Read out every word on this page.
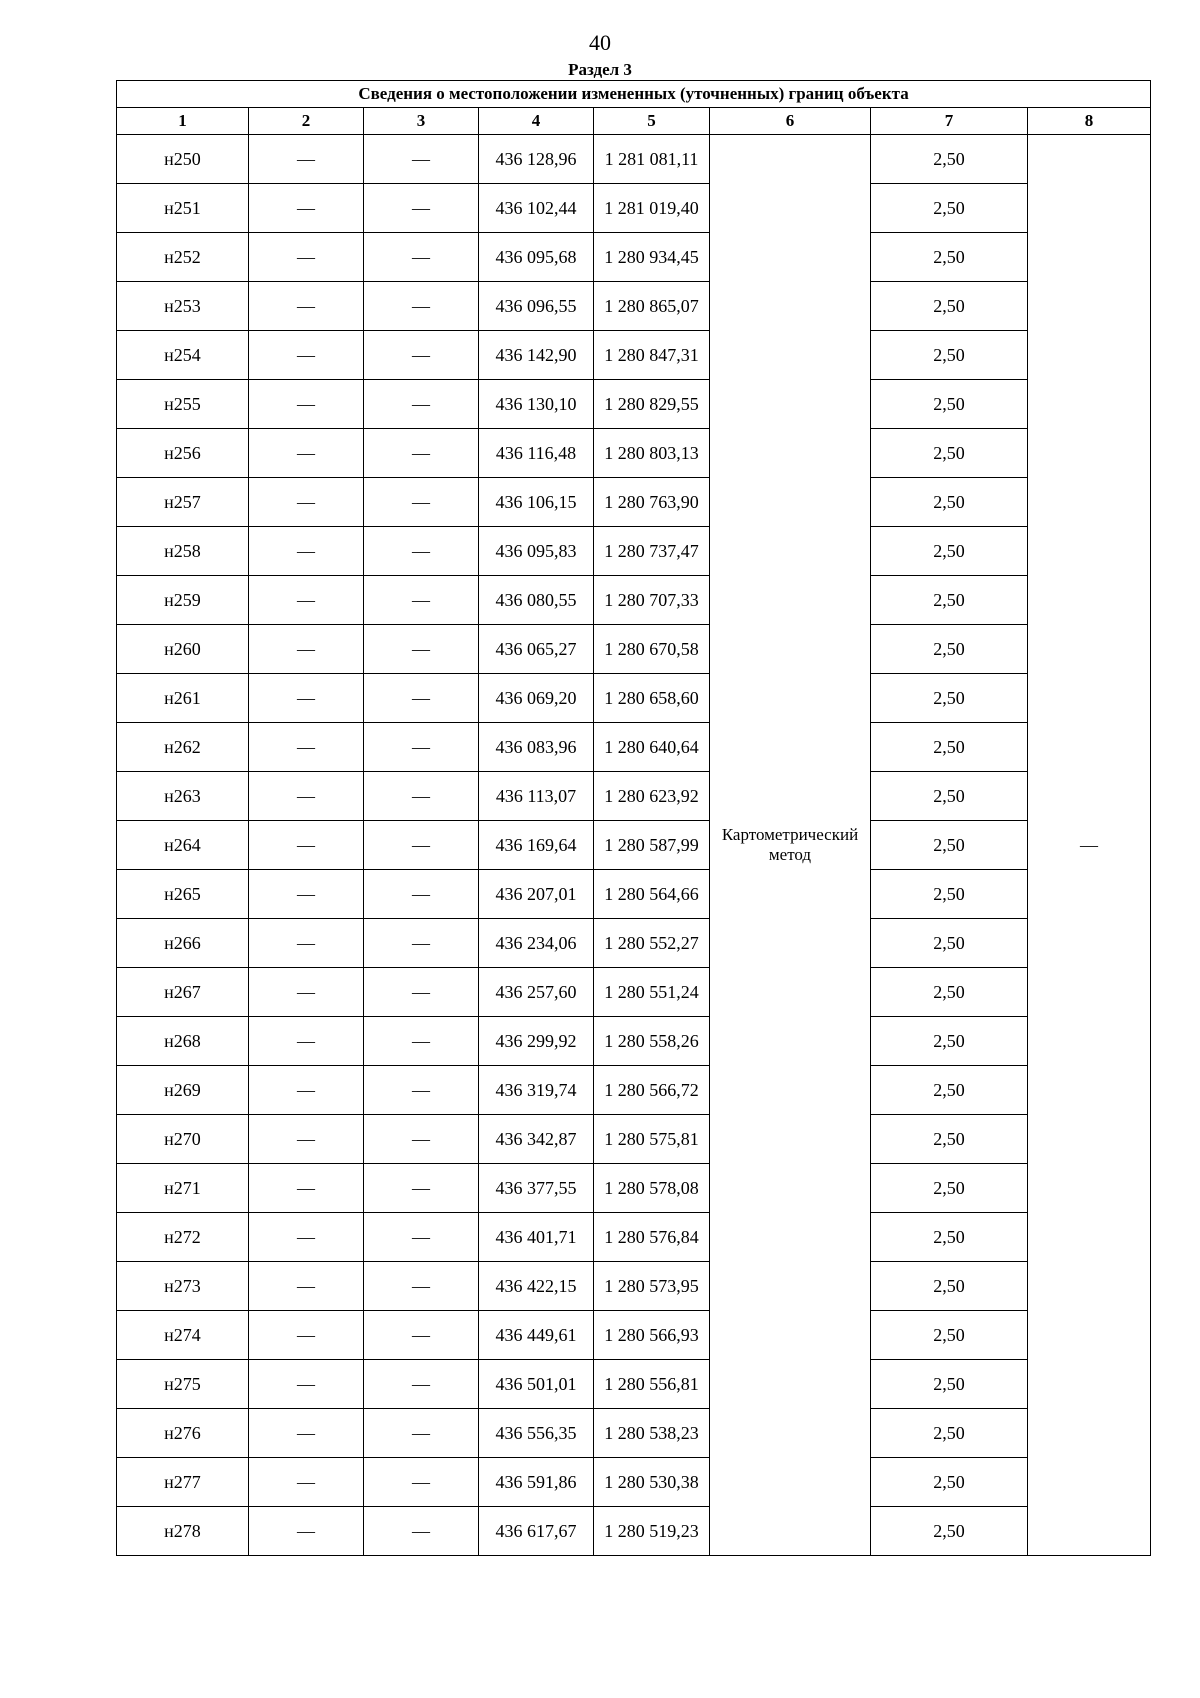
40
Раздел 3
Сведения о местоположении измененных (уточненных) границ объекта							
1	2	3	4	5	6	7	8
н250	—	—	436 128,96	1 281 081,11	Картометрический метод	2,50	—
н251	—	—	436 102,44	1 281 019,40		2,50	
н252	—	—	436 095,68	1 280 934,45		2,50	
н253	—	—	436 096,55	1 280 865,07		2,50	
н254	—	—	436 142,90	1 280 847,31		2,50	
н255	—	—	436 130,10	1 280 829,55		2,50	
н256	—	—	436 116,48	1 280 803,13		2,50	
н257	—	—	436 106,15	1 280 763,90		2,50	
н258	—	—	436 095,83	1 280 737,47		2,50	
н259	—	—	436 080,55	1 280 707,33		2,50	
н260	—	—	436 065,27	1 280 670,58		2,50	
н261	—	—	436 069,20	1 280 658,60		2,50	
н262	—	—	436 083,96	1 280 640,64		2,50	
н263	—	—	436 113,07	1 280 623,92		2,50	
н264	—	—	436 169,64	1 280 587,99		2,50	
н265	—	—	436 207,01	1 280 564,66		2,50	
н266	—	—	436 234,06	1 280 552,27		2,50	
н267	—	—	436 257,60	1 280 551,24		2,50	
н268	—	—	436 299,92	1 280 558,26		2,50	
н269	—	—	436 319,74	1 280 566,72		2,50	
н270	—	—	436 342,87	1 280 575,81		2,50	
н271	—	—	436 377,55	1 280 578,08		2,50	
н272	—	—	436 401,71	1 280 576,84		2,50	
н273	—	—	436 422,15	1 280 573,95		2,50	
н274	—	—	436 449,61	1 280 566,93		2,50	
н275	—	—	436 501,01	1 280 556,81		2,50	
н276	—	—	436 556,35	1 280 538,23		2,50	
н277	—	—	436 591,86	1 280 530,38		2,50	
н278	—	—	436 617,67	1 280 519,23		2,50	
